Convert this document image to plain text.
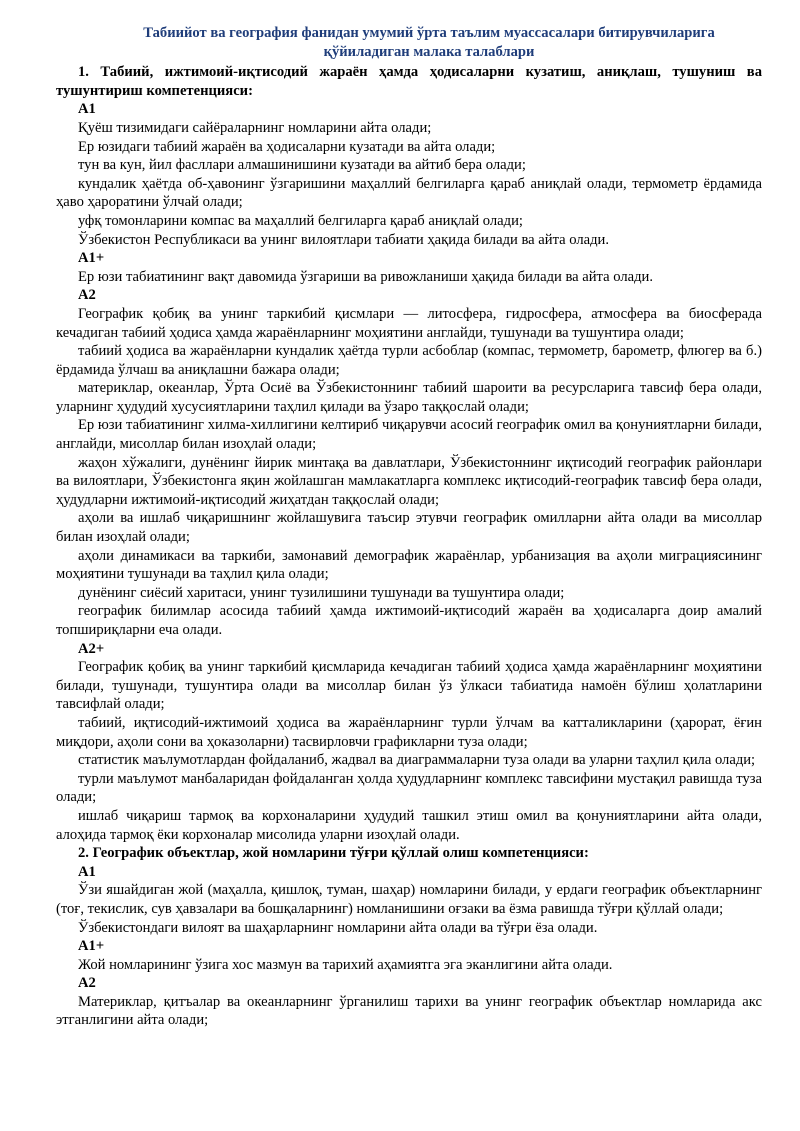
Табиийот ва география фанидан умумий ўрта таълим муассасалари битирувчиларига
қўйиладиган малака талаблари

1. Табиий, ижтимоий-иқтисодий жараён ҳамда ҳодисаларни кузатиш, аниқлаш, тушуниш ва тушунтириш компетенцияси:

А1

Қуёш тизимидаги сайёраларнинг номларини айта олади;

Ер юзидаги табиий жараён ва ҳодисаларни кузатади ва айта олади;

тун ва кун, йил фасллари алмашинишини кузатади ва айтиб бера олади;

кундалик ҳаётда об-ҳавонинг ўзгаришини маҳаллий белгиларга қараб аниқлай олади, термометр ёрдамида ҳаво ҳароратини ўлчай олади;

уфқ томонларини компас ва маҳаллий белгиларга қараб аниқлай олади;

Ўзбекистон Республикаси ва унинг вилоятлари табиати ҳақида билади ва айта олади.

А1+

Ер юзи табиатининг вақт давомида ўзгариши ва ривожланиши ҳақида билади ва айта олади.

А2

Географик қобиқ ва унинг таркибий қисмлари — литосфера, гидросфера, атмосфера ва биосферада кечадиган табиий ҳодиса ҳамда жараёнларнинг моҳиятини англайди, тушунади ва тушунтира олади;

табиий ҳодиса ва жараёнларни кундалик ҳаётда турли асбоблар (компас, термометр, барометр, флюгер ва б.) ёрдамида ўлчаш ва аниқлашни бажара олади;

материклар, океанлар, Ўрта Осиё ва Ўзбекистоннинг табиий шароити ва ресурсларига тавсиф бера олади, уларнинг ҳудудий хусусиятларини таҳлил қилади ва ўзаро таққослай олади;

Ер юзи табиатининг хилма-хиллигини келтириб чиқарувчи асосий географик омил ва қонуниятларни билади, англайди, мисоллар билан изоҳлай олади;

жаҳон хўжалиги, дунёнинг йирик минтақа ва давлатлари, Ўзбекистоннинг иқтисодий географик районлари ва вилоятлари, Ўзбекистонга яқин жойлашган мамлакатларга комплекс иқтисодий-географик тавсиф бера олади, ҳудудларни ижтимоий-иқтисодий жиҳатдан таққослай олади;

аҳоли ва ишлаб чиқаришнинг жойлашувига таъсир этувчи географик омилларни айта олади ва мисоллар билан изоҳлай олади;

аҳоли динамикаси ва таркиби, замонавий демографик жараёнлар, урбанизация ва аҳоли миграциясининг моҳиятини тушунади ва таҳлил қила олади;

дунёнинг сиёсий харитаси, унинг тузилишини тушунади ва тушунтира олади;

географик билимлар асосида табиий ҳамда ижтимоий-иқтисодий жараён ва ҳодисаларга доир амалий топшириқларни еча олади.

А2+

Географик қобиқ ва унинг таркибий қисмларида кечадиган табиий ҳодиса ҳамда жараёнларнинг моҳиятини билади, тушунади, тушунтира олади ва мисоллар билан ўз ўлкаси табиатида намоён бўлиш ҳолатларини тавсифлай олади;

табиий, иқтисодий-ижтимоий ҳодиса ва жараёнларнинг турли ўлчам ва катталикларини (ҳарорат, ёғин миқдори, аҳоли сони ва ҳоказоларни) тасвирловчи графикларни туза олади;

статистик маълумотлардан фойдаланиб, жадвал ва диаграммаларни туза олади ва уларни таҳлил қила олади;

турли маълумот манбаларидан фойдаланган ҳолда ҳудудларнинг комплекс тавсифини мустақил равишда туза олади;

ишлаб чиқариш тармоқ ва корхоналарини ҳудудий ташкил этиш омил ва қонуниятларини айта олади, алоҳида тармоқ ёки корхоналар мисолида уларни изоҳлай олади.

2. Географик объектлар, жой номларини тўғри қўллай олиш компетенцияси:

А1

Ўзи яшайдиган жой (маҳалла, қишлоқ, туман, шаҳар) номларини билади, у ердаги географик объектларнинг (тоғ, текислик, сув ҳавзалари ва бошқаларнинг) номланишини оғзаки ва ёзма равишда тўғри қўллай олади;

Ўзбекистондаги вилоят ва шаҳарларнинг номларини айта олади ва тўғри ёза олади.

А1+

Жой номларининг ўзига хос мазмун ва тарихий аҳамиятга эга эканлигини айта олади.

А2

Материклар, қитъалар ва океанларнинг ўрганилиш тарихи ва унинг географик объектлар номларида акс этганлигини айта олади;
